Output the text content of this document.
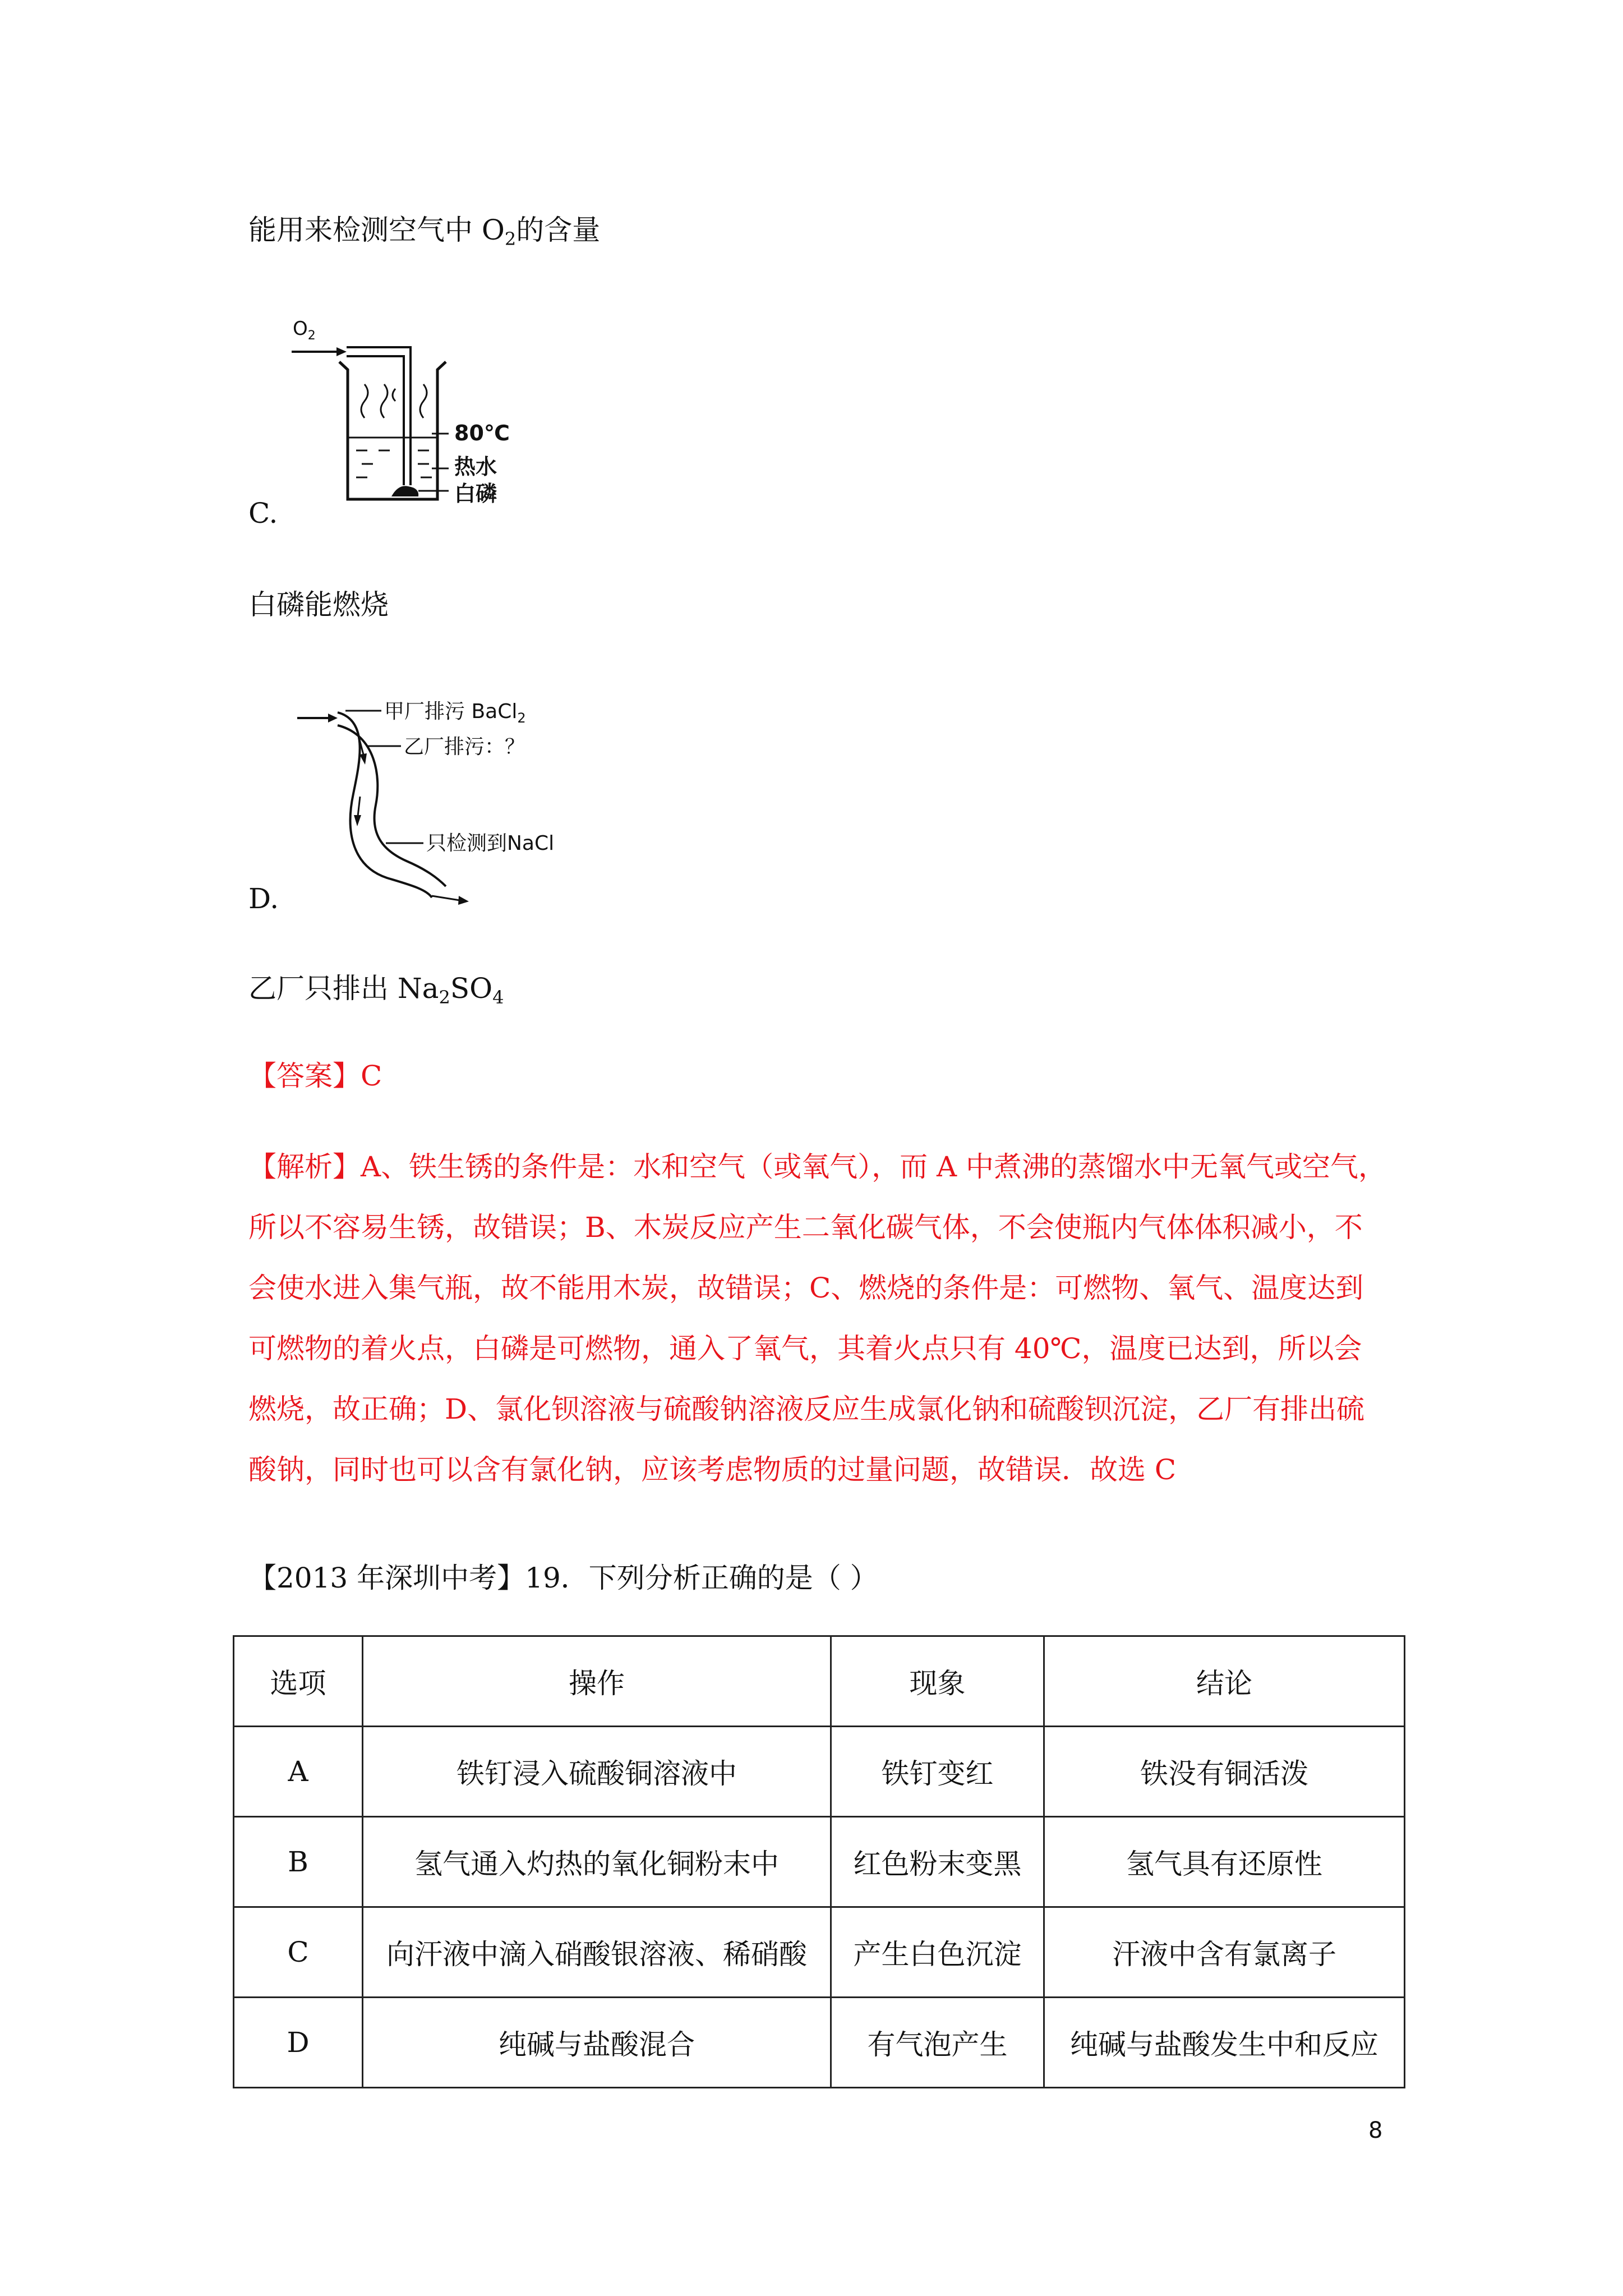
能用来检测空气中 $O_2$的含量
$O_2$
80℃
热水
白磷
C.
白磷能燃烧
甲厂排污 BaCl$_2$
乙厂排污：？
只检测到NaCl
D.
乙厂只排出 $Na_2SO_4$
【答案】C
【解析】A、铁生锈的条件是：水和空气（或氧气），而 A 中煮沸的蒸馏水中无氧气或空气，
所以不容易生锈，故错误；B、木炭反应产生二氧化碳气体，不会使瓶内气体体积减小，不
会使水进入集气瓶，故不能用木炭，故错误；C、燃烧的条件是：可燃物、氧气、温度达到
可燃物的着火点，白磷是可燃物，通入了氧气，其着火点只有 40℃，温度已达到，所以会
燃烧，故正确；D、氯化钡溶液与硫酸钠溶液反应生成氯化钠和硫酸钡沉淀，乙厂有排出硫
酸钠，同时也可以含有氯化钠，应该考虑物质的过量问题，故错误．故选 C
【2013 年深圳中考】19．下列分析正确的是（ ）
选项	操作	现象	结论
A	铁钉浸入硫酸铜溶液中	铁钉变红	铁没有铜活泼
B	氢气通入灼热的氧化铜粉末中	红色粉末变黑	氢气具有还原性
C	向汗液中滴入硝酸银溶液、稀硝酸	产生白色沉淀	汗液中含有氯离子
D	纯碱与盐酸混合	有气泡产生	纯碱与盐酸发生中和反应
8
